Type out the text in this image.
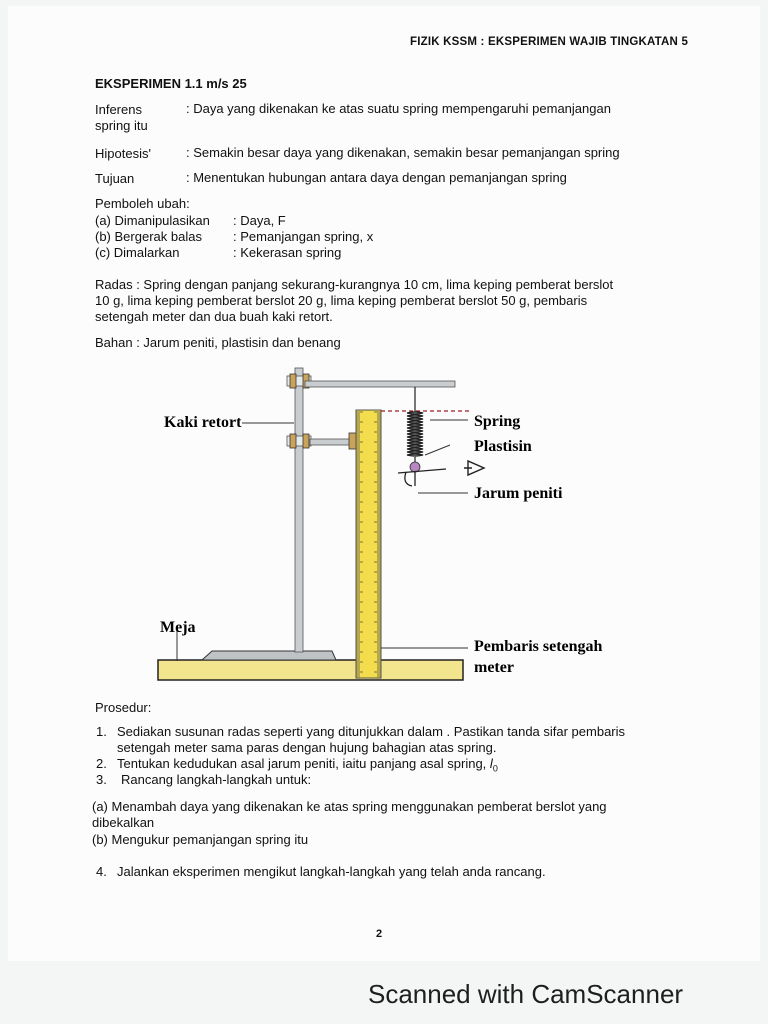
FIZIK KSSM : EKSPERIMEN WAJIB TINGKATAN 5
EKSPERIMEN 1.1 m/s 25
Inferens	: Daya yang dikenakan ke atas suatu spring mempengaruhi pemanjangan
spring itu
Hipotesis'	: Semakin besar daya yang dikenakan, semakin besar pemanjangan spring
Tujuan	: Menentukan hubungan antara daya dengan pemanjangan spring
Pemboleh ubah:
(a) Dimanipulasikan : Daya, F
(b) Bergerak balas : Pemanjangan spring, x
(c) Dimalarkan	: Kekerasan spring
Radas : Spring dengan panjang sekurang-kurangnya 10 cm, lima keping pemberat berslot
10 g, lima keping pemberat berslot 20 g, lima keping pemberat berslot 50 g, pembaris
setengah meter dan dua buah kaki retort.
Bahan : Jarum peniti, plastisin dan benang
Kaki retort	Spring
Plastisin
Jarum peniti
Meja
Pembaris setengah
meter
Prosedur:
1. Sediakan susunan radas seperti yang ditunjukkan dalam . Pastikan tanda sifar pembaris
setengah meter sama paras dengan hujung bahagian atas spring.
2. Tentukan kedudukan asal jarum peniti, iaitu panjang asal spring, $l_0$
3. Rancang langkah-langkah untuk:
(a) Menambah daya yang dikenakan ke atas spring menggunakan pemberat berslot yang
dibekalkan
(b) Mengukur pemanjangan spring itu
4. Jalankan eksperimen mengikut langkah-langkah yang telah anda rancang.
2
Scanned with CamScanner
